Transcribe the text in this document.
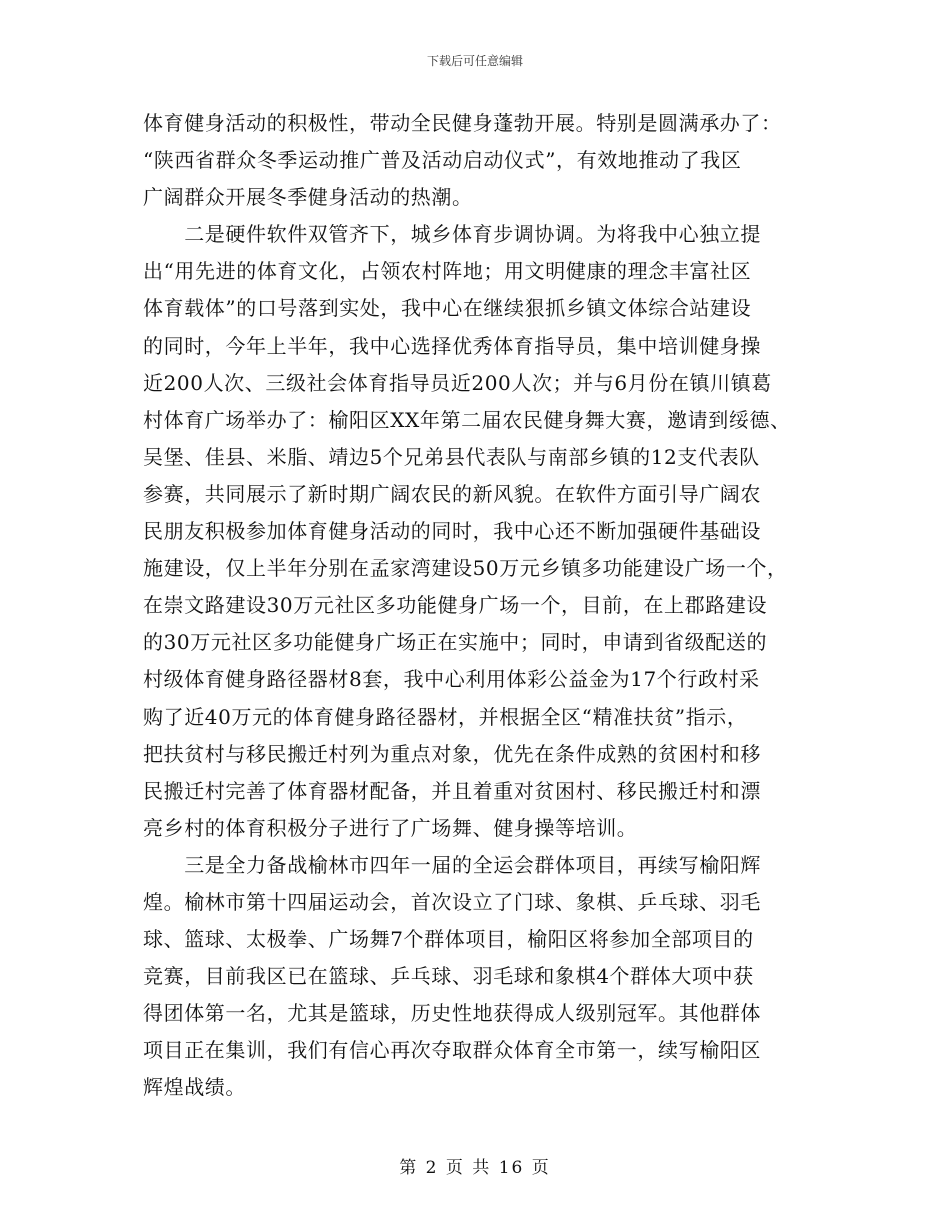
下载后可任意编辑
体育健身活动的积极性，带动全民健身蓬勃开展。特别是圆满承办了：
“陕西省群众冬季运动推广普及活动启动仪式”，有效地推动了我区
广阔群众开展冬季健身活动的热潮。
　　二是硬件软件双管齐下，城乡体育步调协调。为将我中心独立提
出“用先进的体育文化，占领农村阵地；用文明健康的理念丰富社区
体育载体”的口号落到实处，我中心在继续狠抓乡镇文体综合站建设
的同时，今年上半年，我中心选择优秀体育指导员，集中培训健身操
近200人次、三级社会体育指导员近200人次；并与6月份在镇川镇葛
村体育广场举办了：榆阳区XX年第二届农民健身舞大赛，邀请到绥德、
吴堡、佳县、米脂、靖边5个兄弟县代表队与南部乡镇的12支代表队
参赛，共同展示了新时期广阔农民的新风貌。在软件方面引导广阔农
民朋友积极参加体育健身活动的同时，我中心还不断加强硬件基础设
施建设，仅上半年分别在孟家湾建设50万元乡镇多功能建设广场一个，
在崇文路建设30万元社区多功能健身广场一个，目前，在上郡路建设
的30万元社区多功能健身广场正在实施中；同时，申请到省级配送的
村级体育健身路径器材8套，我中心利用体彩公益金为17个行政村采
购了近40万元的体育健身路径器材，并根据全区“精准扶贫”指示，
把扶贫村与移民搬迁村列为重点对象，优先在条件成熟的贫困村和移
民搬迁村完善了体育器材配备，并且着重对贫困村、移民搬迁村和漂
亮乡村的体育积极分子进行了广场舞、健身操等培训。
　　三是全力备战榆林市四年一届的全运会群体项目，再续写榆阳辉
煌。榆林市第十四届运动会，首次设立了门球、象棋、乒乓球、羽毛
球、篮球、太极拳、广场舞7个群体项目，榆阳区将参加全部项目的
竞赛，目前我区已在篮球、乒乓球、羽毛球和象棋4个群体大项中获
得团体第一名，尤其是篮球，历史性地获得成人级别冠军。其他群体
项目正在集训，我们有信心再次夺取群众体育全市第一，续写榆阳区
辉煌战绩。
第 2 页 共 16 页
